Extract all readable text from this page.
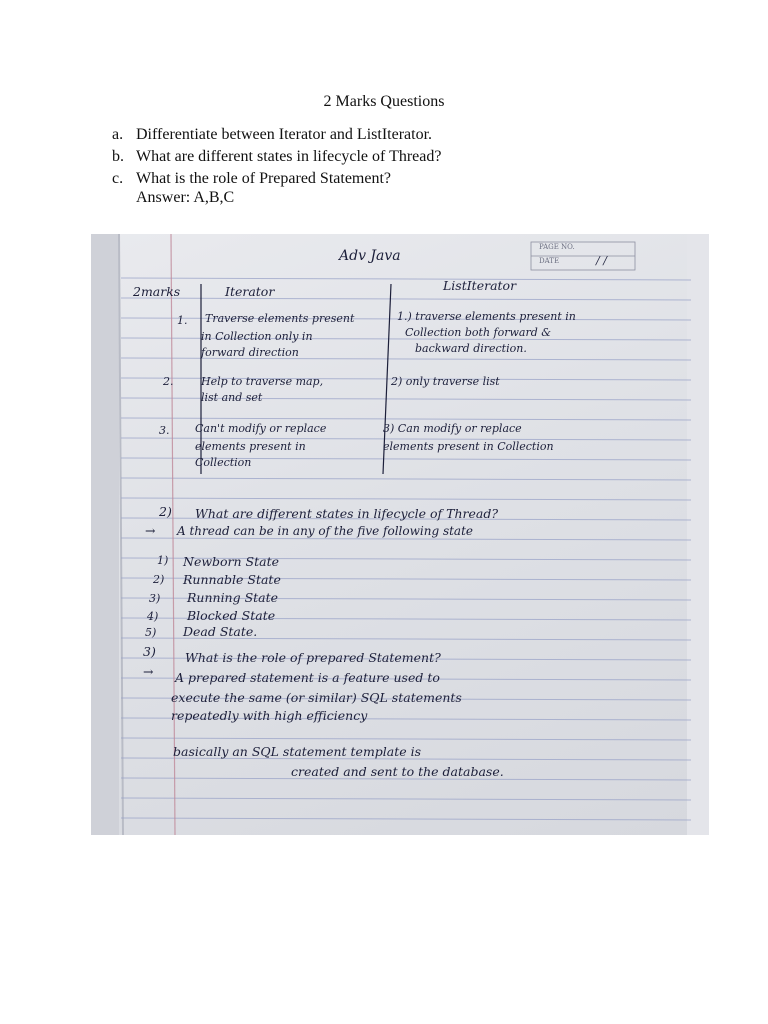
2 Marks Questions
a. Differentiate between Iterator and ListIterator.
b. What are different states in lifecycle of Thread?
c. What is the role of Prepared Statement?
Answer: A,B,C
PAGE NO.
DATE	/ /
Adv Java
2marks	Iterator	ListIterator
1. Traverse elements present
in Collection only in
forward direction
1.) traverse elements present in
Collection both forward &
backward direction.
2.	Help to traverse map,
list and set
2) only traverse list
3. Can't modify or replace
elements present in
Collection
3) Can modify or replace
elements present in Collection
2) What are different states in lifecycle of Thread?
→ A thread can be in any of the five following state
1) Newborn State
2) Runnable State
3) Running State
4) Blocked State
5) Dead State.
3) What is the role of prepared Statement?
→ A prepared statement is a feature used to
execute the same (or similar) SQL statements
repeatedly with high efficiency
basically an SQL statement template is
created and sent to the database.
